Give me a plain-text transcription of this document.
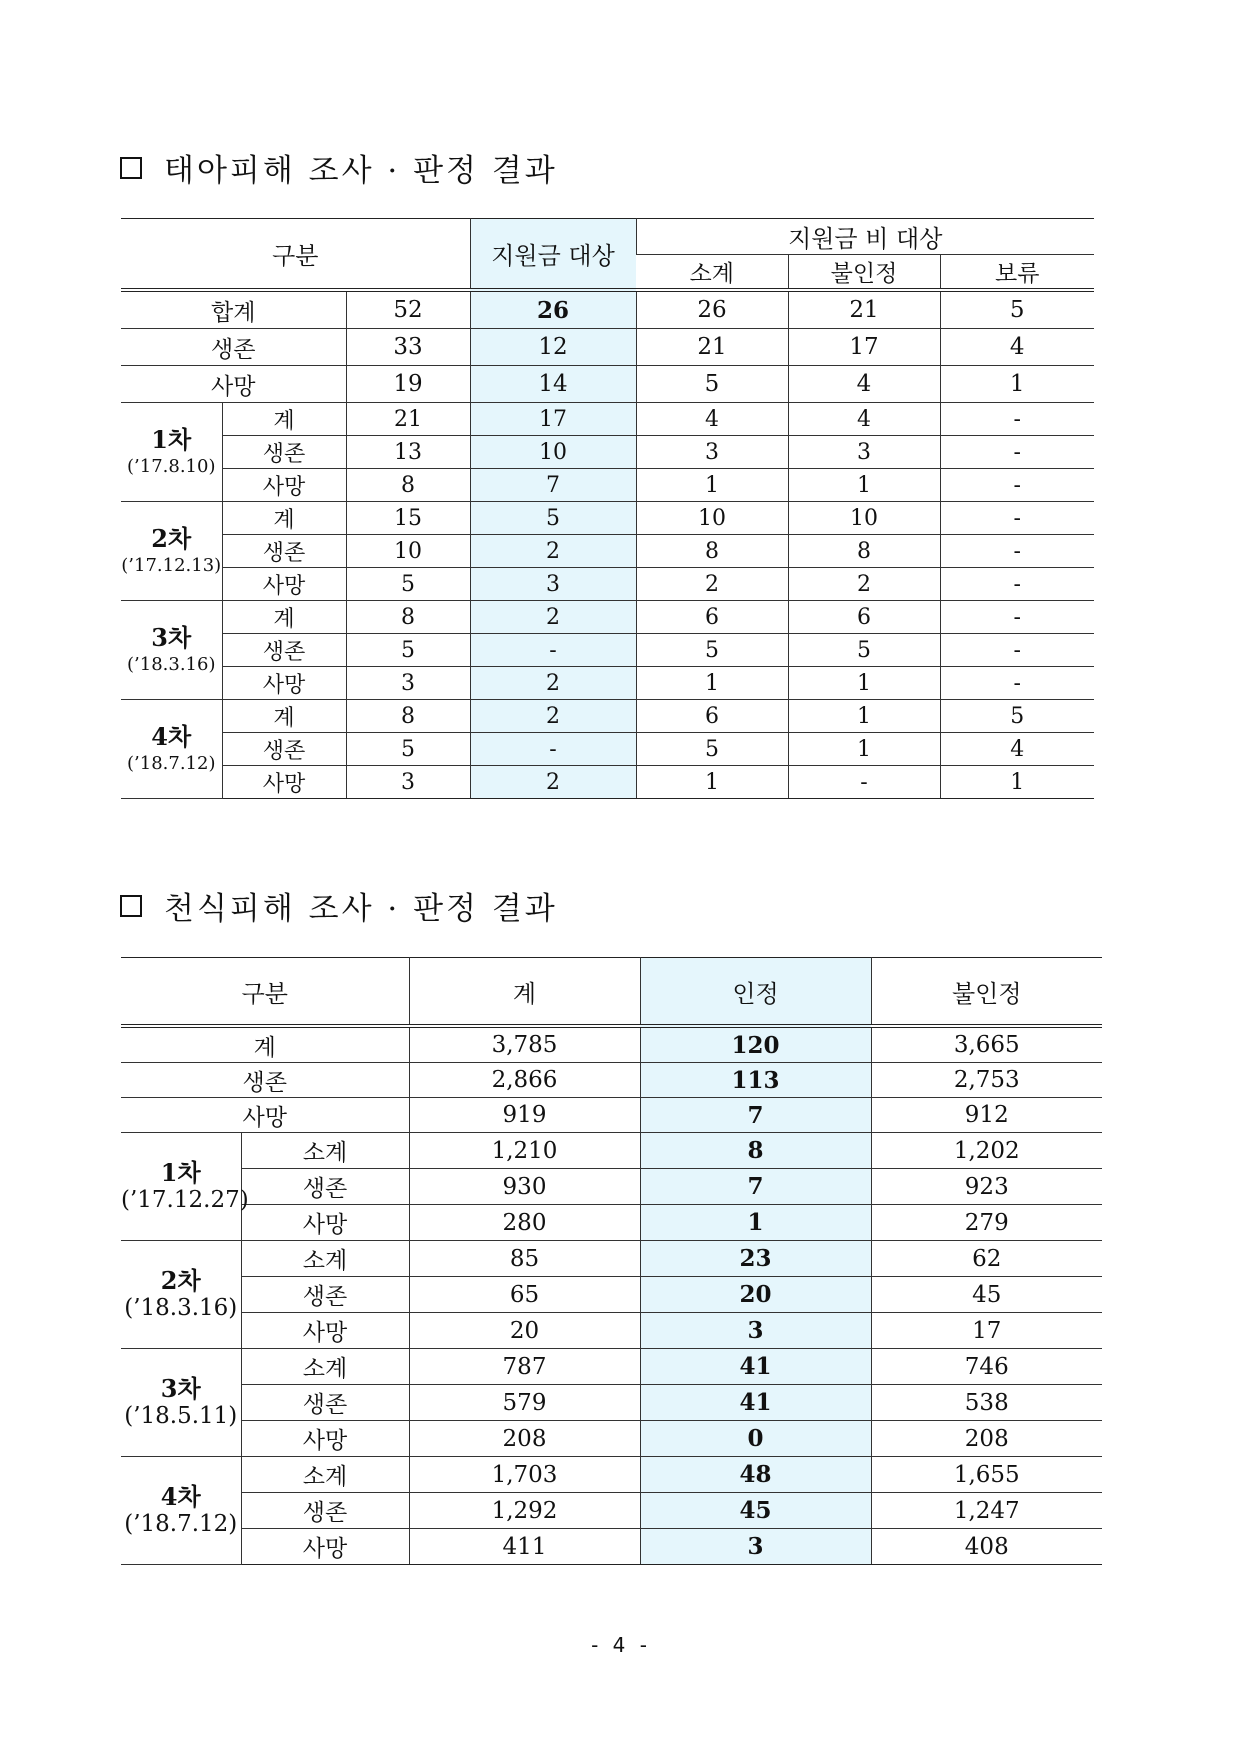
태아피해 조사 · 판정 결과
구분			지원금 대상	지원금 비 대상		
				소계	불인정	보류
합계		52	26	26	21	5
생존		33	12	21	17	4
사망		19	14	5	4	1

1차
(’17.8.10)	계	21	17	4	4	-
	생존	13	10	3	3	-
	사망	8	7	1	1	-

2차
(’17.12.13)	계	15	5	10	10	-
	생존	10	2	8	8	-
	사망	5	3	2	2	-

3차
(’18.3.16)	계	8	2	6	6	-
	생존	5	-	5	5	-
	사망	3	2	1	1	-

4차
(’18.7.12)	계	8	2	6	1	5
	생존	5	-	5	1	4
	사망	3	2	1	-	1
천식피해 조사 · 판정 결과
구분		계	인정	불인정
계		3,785	120	3,665
생존		2,866	113	2,753
사망		919	7	912

1차
(’17.12.27)	소계	1,210	8	1,202
	생존	930	7	923
	사망	280	1	279

2차
(’18.3.16)	소계	85	23	62
	생존	65	20	45
	사망	20	3	17

3차
(’18.5.11)	소계	787	41	746
	생존	579	41	538
	사망	208	0	208

4차
(’18.7.12)	소계	1,703	48	1,655
	생존	1,292	45	1,247
	사망	411	3	408
- 4 -
